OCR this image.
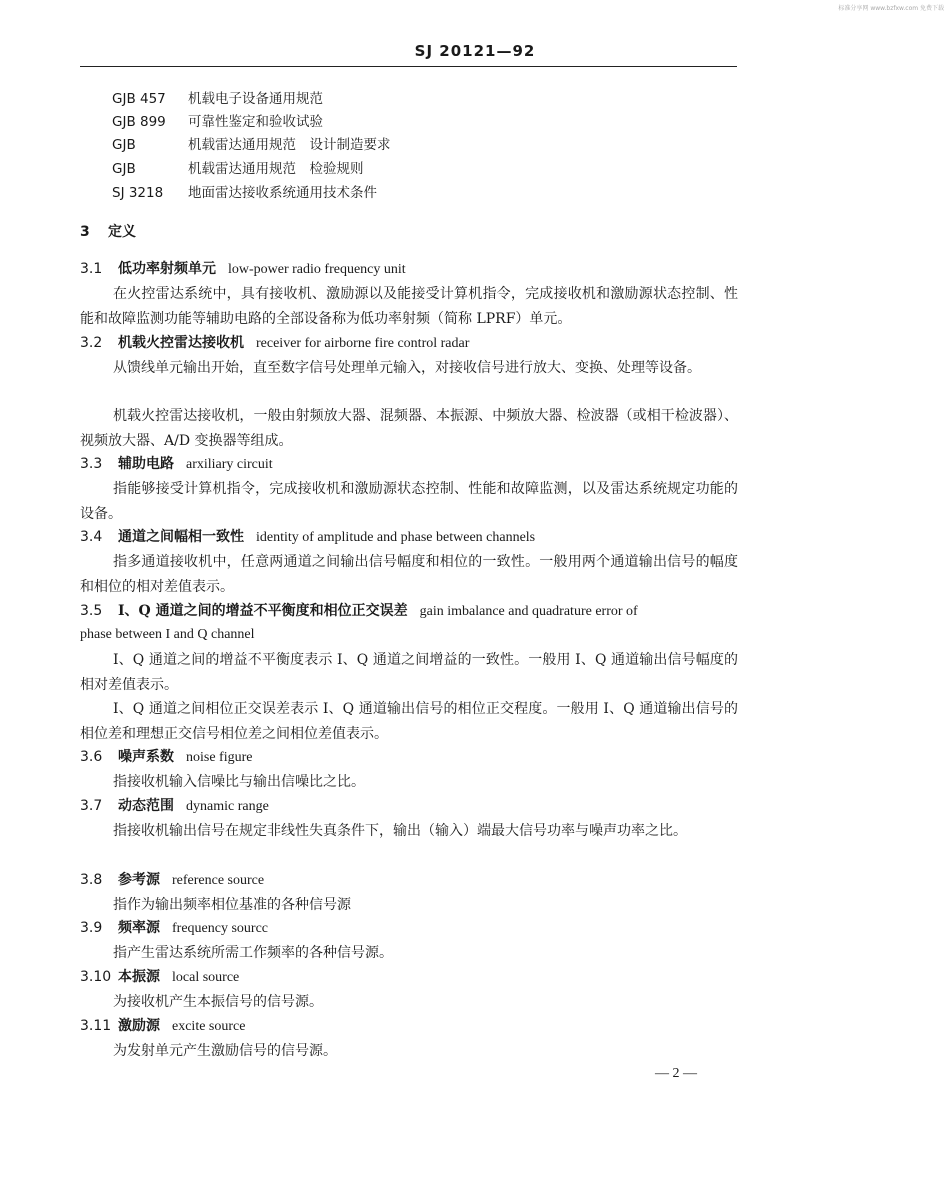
标准分享网 www.bzfxw.com 免费下载
SJ 20121—92
GJB 457 机载电子设备通用规范
GJB 899 可靠性鉴定和验收试验
GJB	机载雷达通用规范　设计制造要求
GJB	机载雷达通用规范　检验规则
SJ 3218 地面雷达接收系统通用技术条件
3 定义
3.1 低功率射频单元 low-power radio frequency unit
在火控雷达系统中，具有接收机、激励源以及能接受计算机指令，完成接收机和激励源状态控制、性能和故障监测功能等辅助电路的全部设备称为低功率射频（简称 LPRF）单元。
3.2 机载火控雷达接收机 receiver for airborne fire control radar
从馈线单元输出开始，直至数字信号处理单元输入，对接收信号进行放大、变换、处理等设备。
机载火控雷达接收机，一般由射频放大器、混频器、本振源、中频放大器、检波器（或相干检波器）、视频放大器、A/D 变换器等组成。
3.3 辅助电路 arxiliary circuit
指能够接受计算机指令，完成接收机和激励源状态控制、性能和故障监测，以及雷达系统规定功能的设备。
3.4 通道之间幅相一致性 identity of amplitude and phase between channels
指多通道接收机中，任意两通道之间输出信号幅度和相位的一致性。一般用两个通道输出信号的幅度和相位的相对差值表示。
3.5 I、Q 通道之间的增益不平衡度和相位正交误差 gain imbalance and quadrature error of
phase between I and Q channel
I、Q 通道之间的增益不平衡度表示 I、Q 通道之间增益的一致性。一般用 I、Q 通道输出信号幅度的相对差值表示。
I、Q 通道之间相位正交误差表示 I、Q 通道输出信号的相位正交程度。一般用 I、Q 通道输出信号的相位差和理想正交信号相位差之间相位差值表示。
3.6 噪声系数 noise figure
指接收机输入信噪比与输出信噪比之比。
3.7 动态范围 dynamic range
指接收机输出信号在规定非线性失真条件下，输出（输入）端最大信号功率与噪声功率之比。
3.8 参考源 reference source
指作为输出频率相位基准的各种信号源
3.9 频率源 frequency sourcc
指产生雷达系统所需工作频率的各种信号源。
3.10 本振源 local source
为接收机产生本振信号的信号源。
3.11 激励源 excite source
为发射单元产生激励信号的信号源。
— 2 —
